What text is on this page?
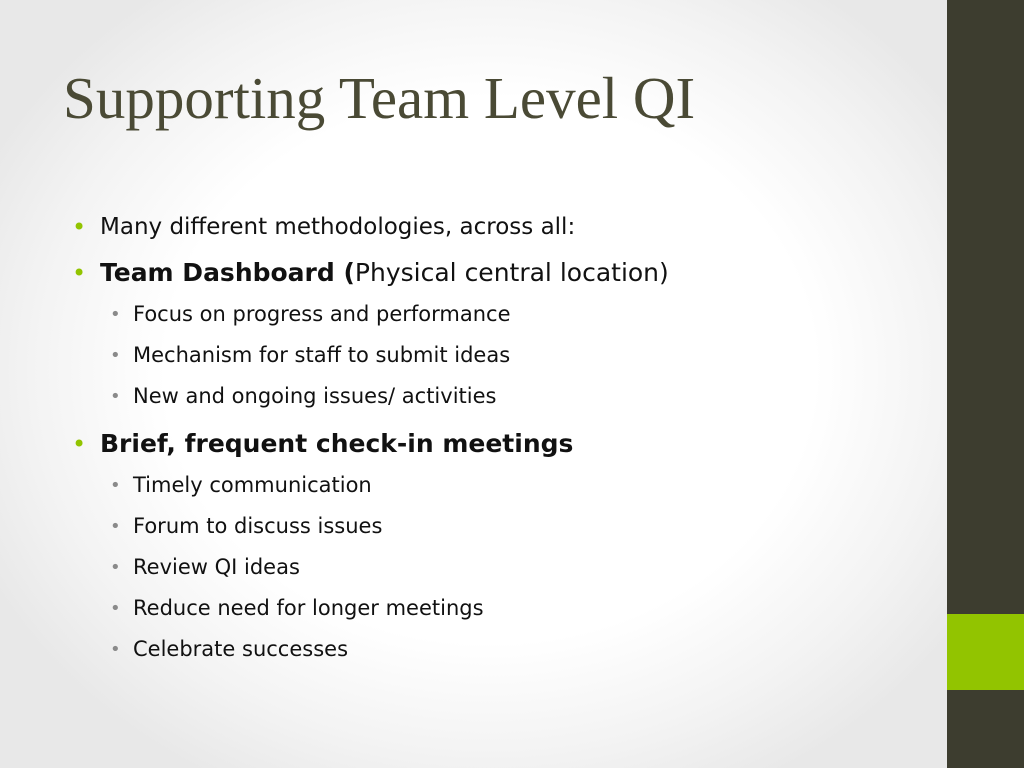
Supporting Team Level QI
• Many different methodologies, across all:
• Team Dashboard (Physical central location)
• Focus on progress and performance
• Mechanism for staff to submit ideas
• New and ongoing issues/ activities
• Brief, frequent check-in meetings
• Timely communication
• Forum to discuss issues
• Review QI ideas
• Reduce need for longer meetings
• Celebrate successes
